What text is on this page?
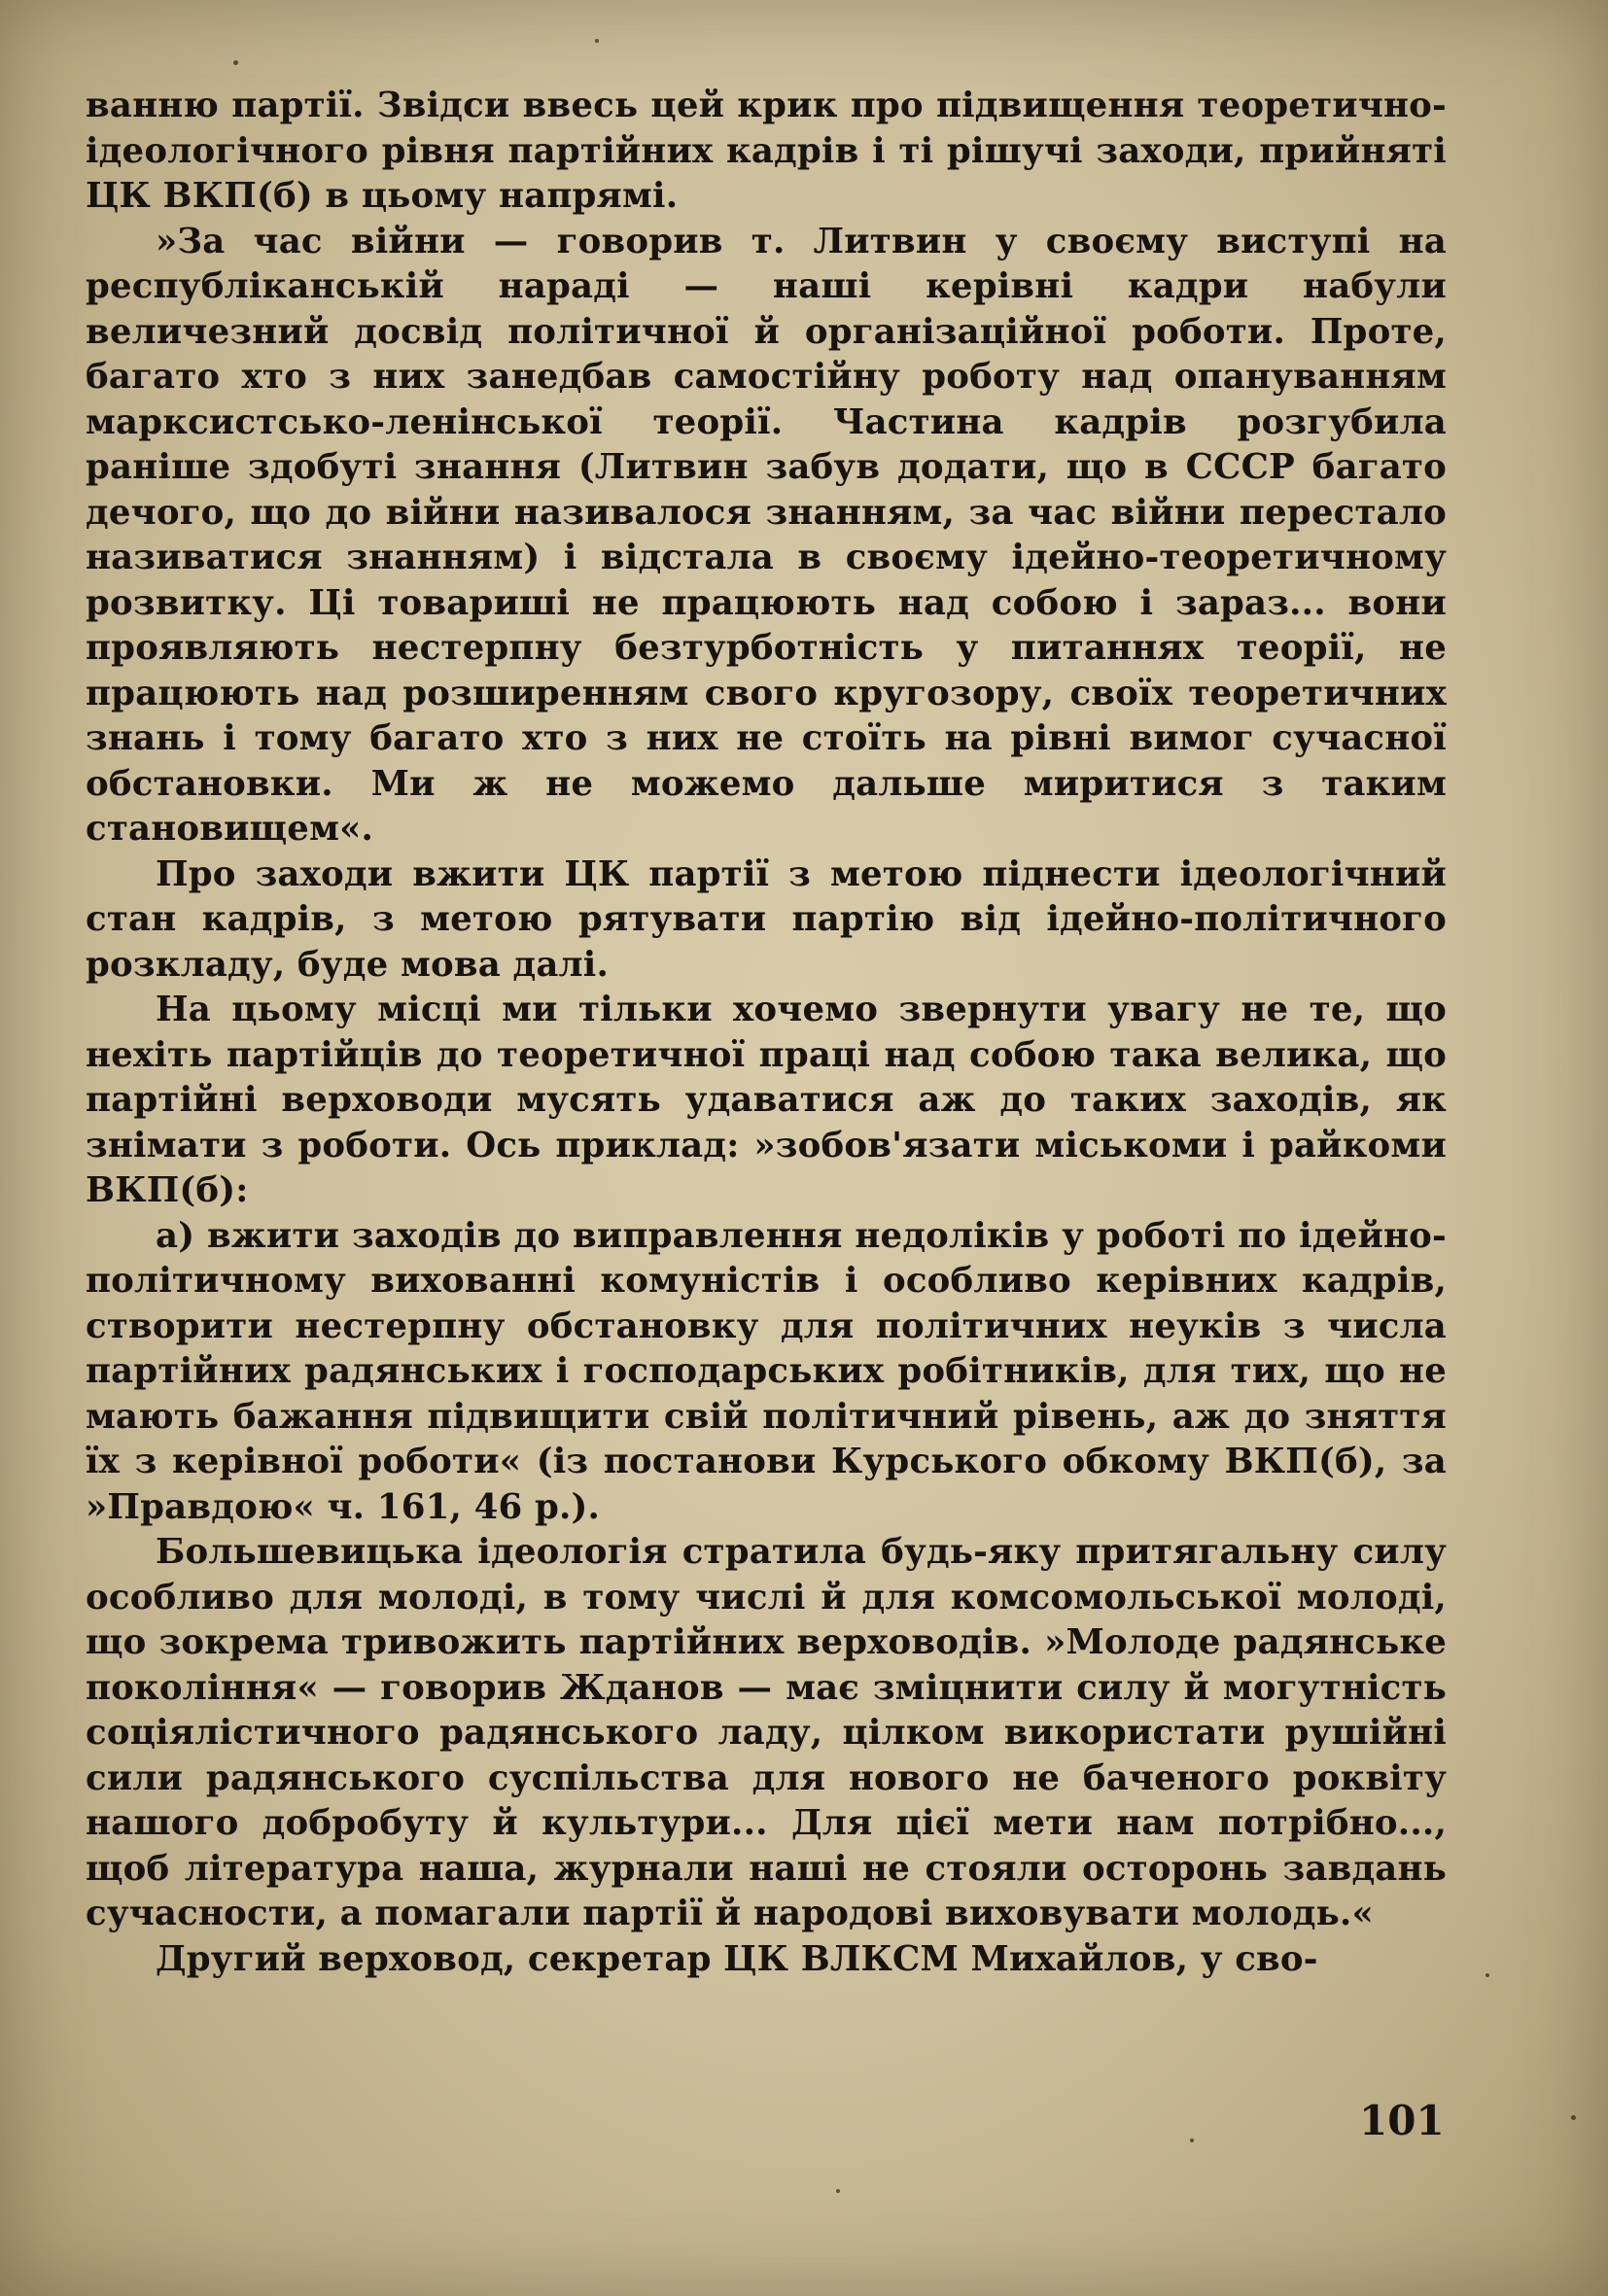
ванню партії. Звідси ввесь цей крик про підвищення теоретично-ідеологічного рівня партійних кадрів і ті рішучі заходи, прийняті ЦК ВКП(б) в цьому напрямі.

»За час війни — говорив т. Литвин у своєму виступі на республіканській нараді — наші керівні кадри набули величезний досвід політичної й організаційної роботи. Проте, багато хто з них занедбав самостійну роботу над опануванням марксистсько-ленінської теорії. Частина кадрів розгубила раніше здобуті знання (Литвин забув додати, що в СССР багато дечого, що до війни називалося знанням, за час війни перестало називатися знанням) і відстала в своєму ідейно-теоретичному розвитку. Ці товариші не працюють над собою і зараз... вони проявляють нестерпну безтурботність у питаннях теорії, не працюють над розширенням свого кругозору, своїх теоретичних знань і тому багато хто з них не стоїть на рівні вимог сучасної обстановки. Ми ж не можемо дальше миритися з таким становищем«.

Про заходи вжити ЦК партії з метою піднести ідеологічний стан кадрів, з метою рятувати партію від ідейно-політичного розкладу, буде мова далі.

На цьому місці ми тільки хочемо звернути увагу не те, що нехіть партійців до теоретичної праці над собою така велика, що партійні верховоди мусять удаватися аж до таких заходів, як знімати з роботи. Ось приклад: »зобов'язати міськоми і райкоми ВКП(б):

а) вжити заходів до виправлення недоліків у роботі по ідейно-політичному вихованні комуністів і особливо керівних кадрів, створити нестерпну обстановку для політичних неуків з числа партійних радянських і господарських робітників, для тих, що не мають бажання підвищити свій політичний рівень, аж до зняття їх з керівної роботи« (із постанови Курського обкому ВКП(б), за »Правдою« ч. 161, 46 р.).

Большевицька ідеологія стратила будь-яку притягальну силу особливо для молоді, в тому числі й для комсомольської молоді, що зокрема тривожить партійних верховодів. »Молоде радянське покоління« — говорив Жданов — має зміцнити силу й могутність соціялістичного радянського ладу, цілком використати рушійні сили радянського суспільства для нового не баченого роквіту нашого добробуту й культури... Для цієї мети нам потрібно..., щоб література наша, журнали наші не стояли осторонь завдань сучасности, а помагали партії й народові виховувати молодь.«

Другий верховод, секретар ЦК ВЛКСМ Михайлов, у сво-

101
